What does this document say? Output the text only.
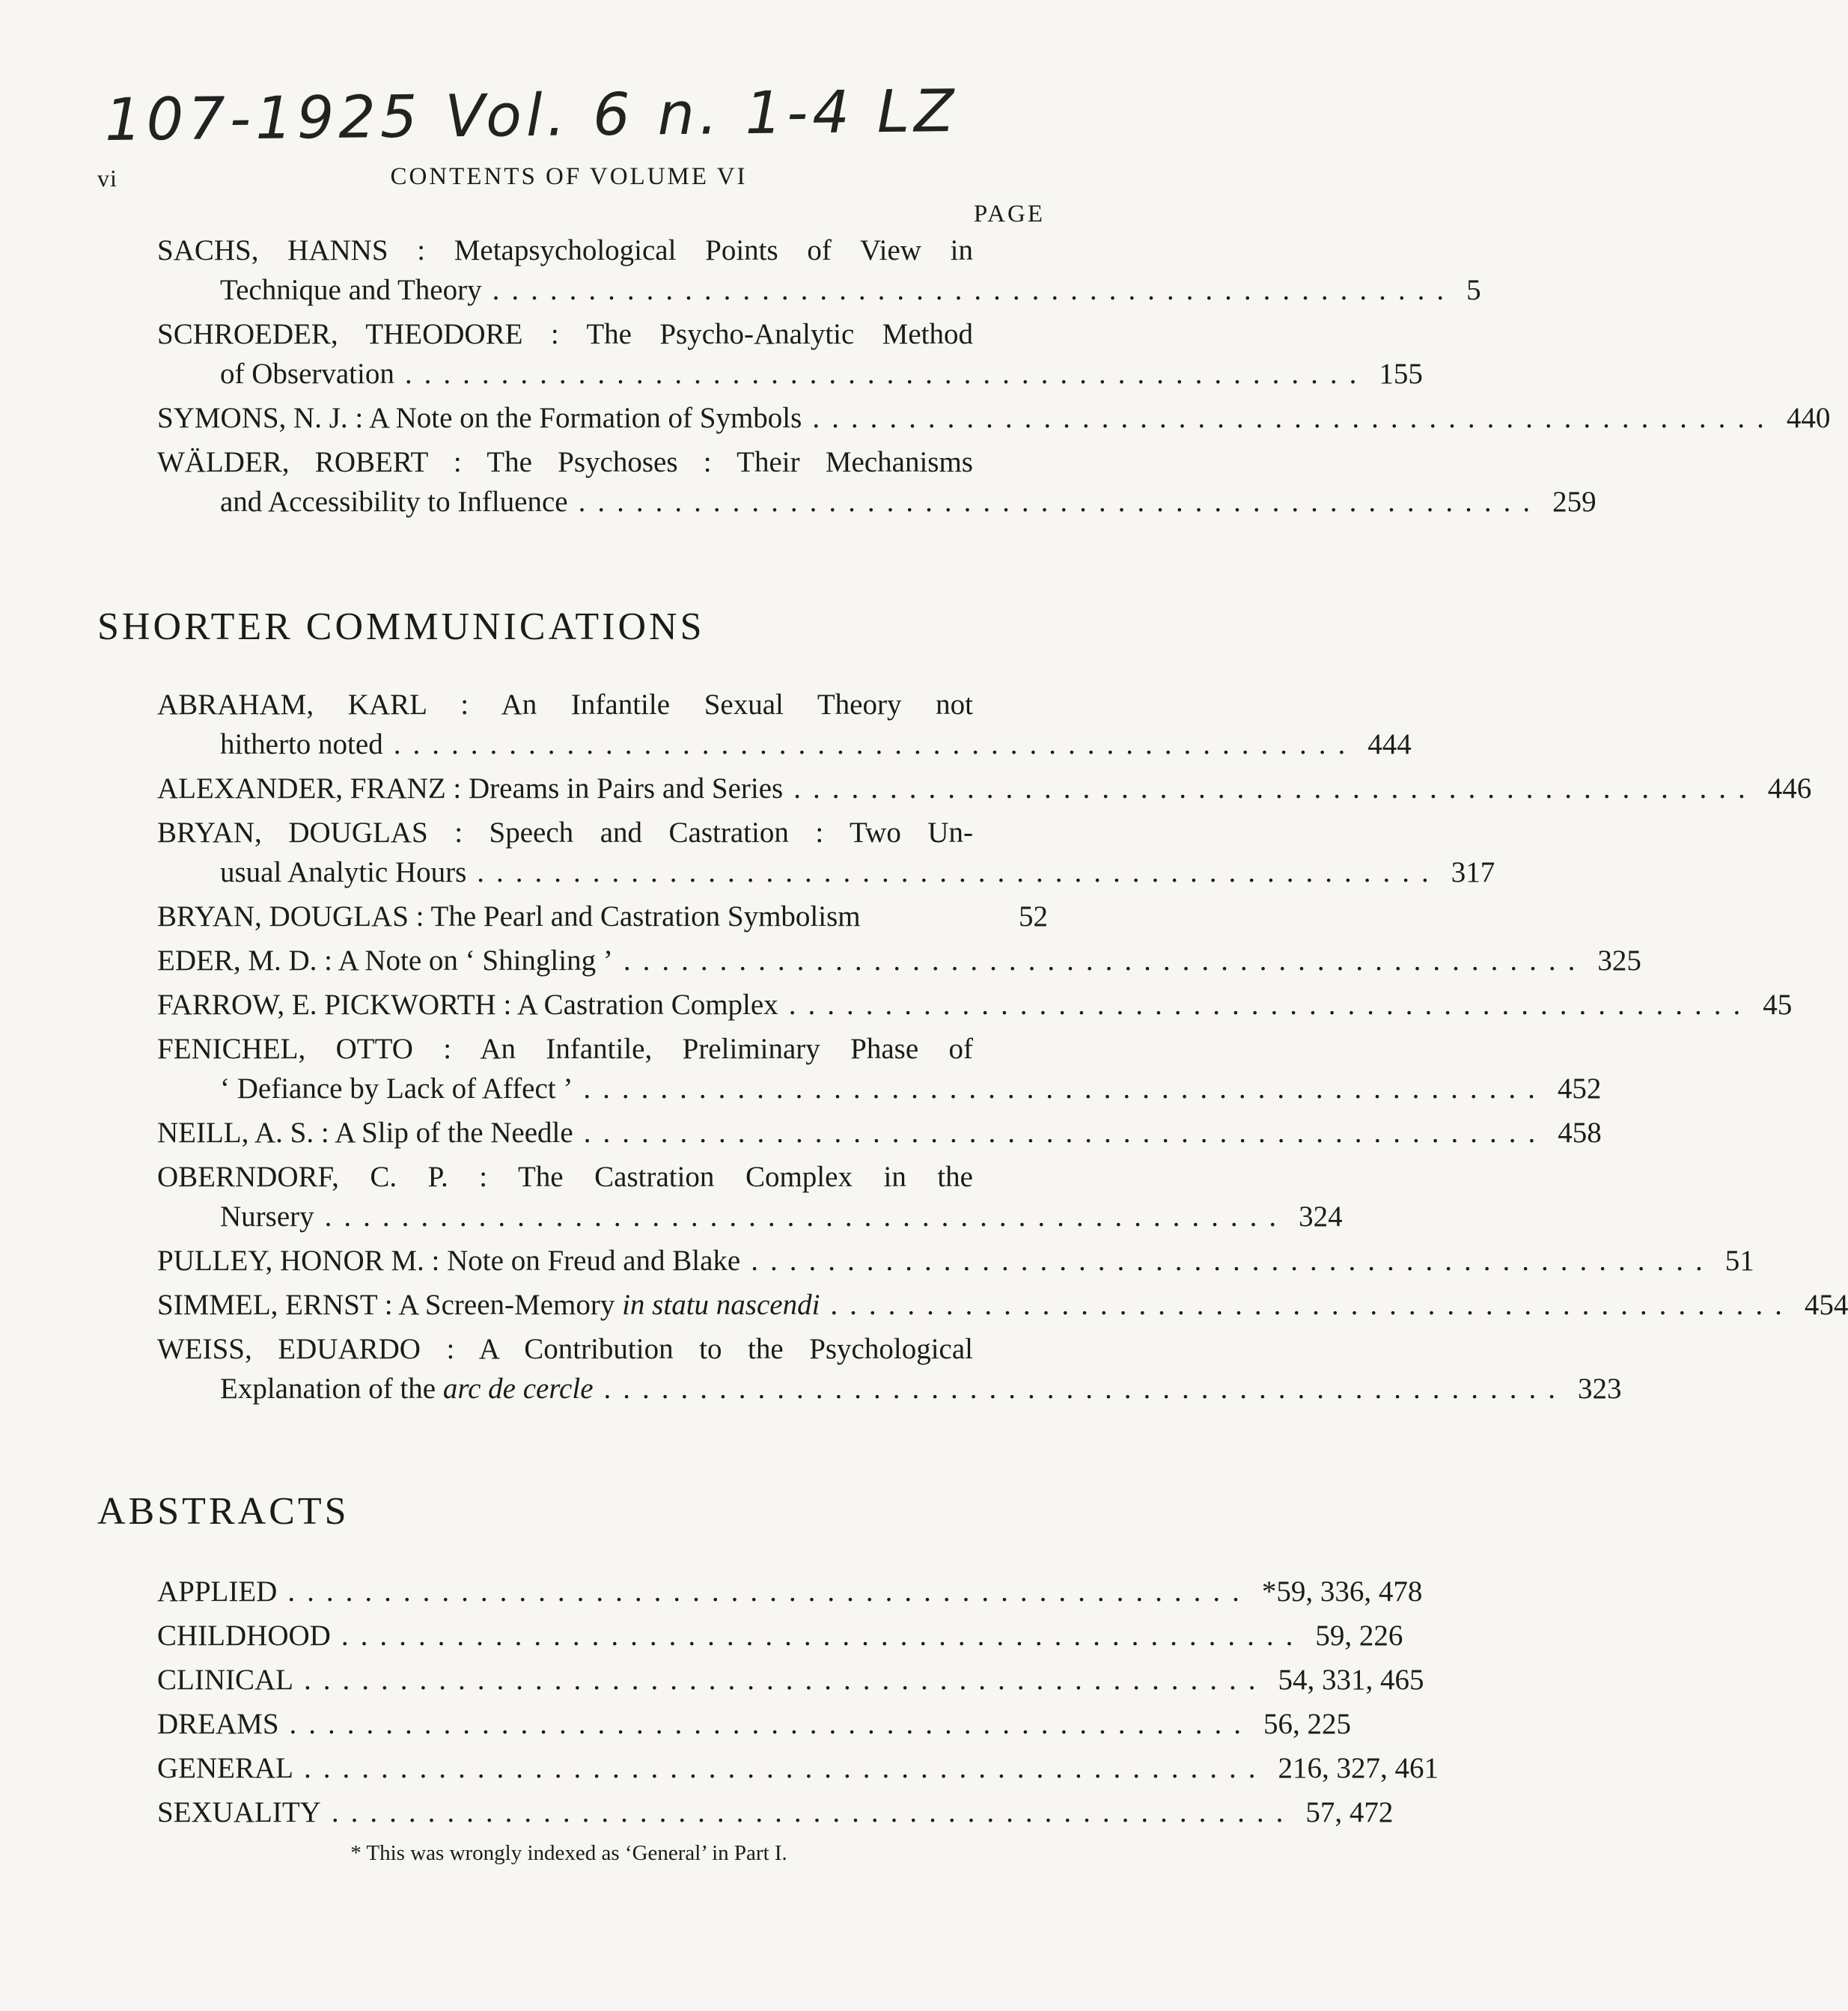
107-1925 Vol. 6 n. 1-4 LZ
vi	CONTENTS OF VOLUME VI
PAGE
SACHS, HANNS : Metapsychological Points of View in
Technique and Theory .................................................. 5
SCHROEDER, THEODORE : The Psycho-Analytic Method
of Observation .................................................. 155
SYMONS, N. J. : A Note on the Formation of Symbols .................................................. 440
WÄLDER, ROBERT : The Psychoses : Their Mechanisms
and Accessibility to Influence .................................................. 259
SHORTER COMMUNICATIONS
ABRAHAM, KARL : An Infantile Sexual Theory not
hitherto noted .................................................. 444
ALEXANDER, FRANZ : Dreams in Pairs and Series .................................................. 446
BRYAN, DOUGLAS : Speech and Castration : Two Un-
usual Analytic Hours .................................................. 317
BRYAN, DOUGLAS : The Pearl and Castration Symbolism	52
EDER, M. D. : A Note on ‘ Shingling ’ .................................................. 325
FARROW, E. PICKWORTH : A Castration Complex .................................................. 45
FENICHEL, OTTO : An Infantile, Preliminary Phase of
‘ Defiance by Lack of Affect ’ .................................................. 452
NEILL, A. S. : A Slip of the Needle .................................................. 458
OBERNDORF, C. P. : The Castration Complex in the
Nursery .................................................. 324
PULLEY, HONOR M. : Note on Freud and Blake .................................................. 51
SIMMEL, ERNST : A Screen-Memory in statu nascendi .................................................. 454
WEISS, EDUARDO : A Contribution to the Psychological
Explanation of the arc de cercle .................................................. 323
ABSTRACTS
APPLIED .................................................. *59, 336, 478
CHILDHOOD .................................................. 59, 226
CLINICAL .................................................. 54, 331, 465
DREAMS .................................................. 56, 225
GENERAL .................................................. 216, 327, 461
SEXUALITY .................................................. 57, 472
* This was wrongly indexed as ‘General’ in Part I.
